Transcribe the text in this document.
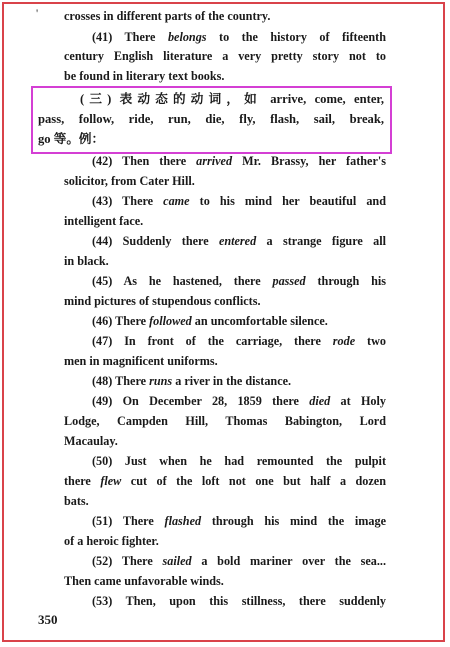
' crosses in different parts of the country.
(41) There belongs to the history of fifteenth
century English literature a very pretty story not to
be found in literary text books.
(三) 表动态的动词，如 arrive, come, enter,
pass, follow, ride, run, die, fly, flash, sail, break,
go 等。例：
(42) Then there arrived Mr. Brassy, her father's
solicitor, from Cater Hill.
(43) There came to his mind her beautiful and
intelligent face.
(44) Suddenly there entered a strange figure all
in black.
(45) As he hastened, there passed through his
mind pictures of stupendous conflicts.
(46) There followed an uncomfortable silence.
(47) In front of the carriage, there rode two
men in magnificent uniforms.
(48) There runs a river in the distance.
(49) On December 28, 1859 there died at Holy
Lodge, Campden Hill, Thomas Babington, Lord
Macaulay.
(50) Just when he had remounted the pulpit
there flew cut of the loft not one but half a dozen
bats.
(51) There flashed through his mind the image
of a heroic fighter.
(52) There sailed a bold mariner over the sea...
Then came unfavorable winds.
(53) Then, upon this stillness, there suddenly
350
